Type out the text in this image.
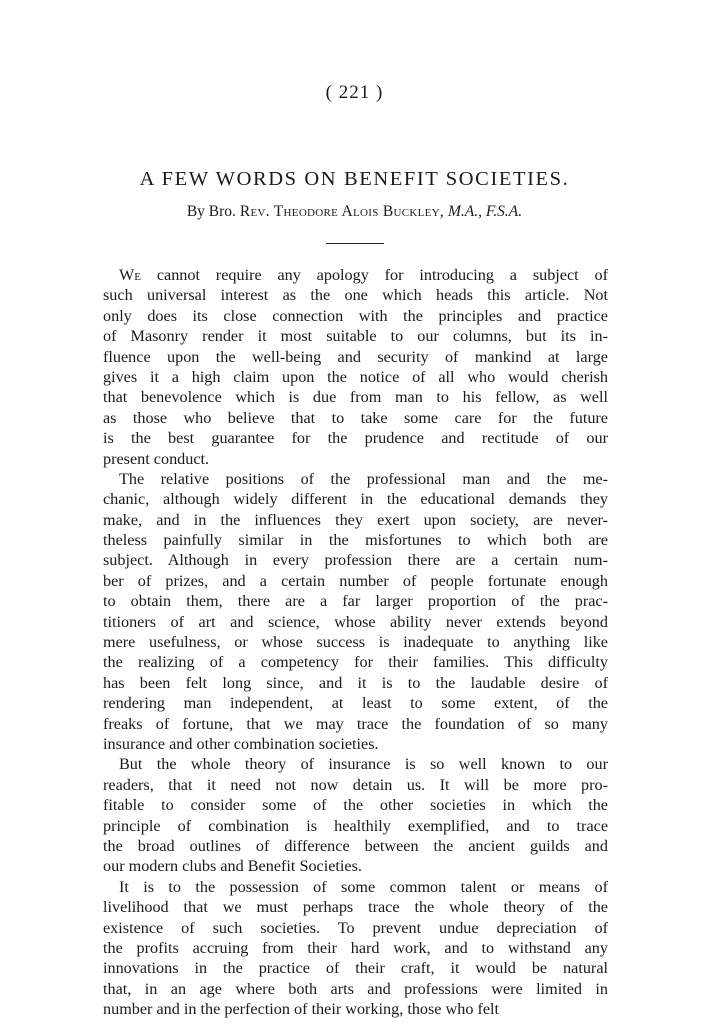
( 221 )
A FEW WORDS ON BENEFIT SOCIETIES.
By Bro. Rev. Theodore Alois Buckley, M.A., F.S.A.
We cannot require any apology for introducing a subject of
such universal interest as the one which heads this article. Not
only does its close connection with the principles and practice
of Masonry render it most suitable to our columns, but its in-
fluence upon the well-being and security of mankind at large
gives it a high claim upon the notice of all who would cherish
that benevolence which is due from man to his fellow, as well
as those who believe that to take some care for the future
is the best guarantee for the prudence and rectitude of our
present conduct.
The relative positions of the professional man and the me-
chanic, although widely different in the educational demands they
make, and in the influences they exert upon society, are never-
theless painfully similar in the misfortunes to which both are
subject. Although in every profession there are a certain num-
ber of prizes, and a certain number of people fortunate enough
to obtain them, there are a far larger proportion of the prac-
titioners of art and science, whose ability never extends beyond
mere usefulness, or whose success is inadequate to anything like
the realizing of a competency for their families. This difficulty
has been felt long since, and it is to the laudable desire of
rendering man independent, at least to some extent, of the
freaks of fortune, that we may trace the foundation of so many
insurance and other combination societies.
But the whole theory of insurance is so well known to our
readers, that it need not now detain us. It will be more pro-
fitable to consider some of the other societies in which the
principle of combination is healthily exemplified, and to trace
the broad outlines of difference between the ancient guilds and
our modern clubs and Benefit Societies.
It is to the possession of some common talent or means of
livelihood that we must perhaps trace the whole theory of the
existence of such societies. To prevent undue depreciation of
the profits accruing from their hard work, and to withstand any
innovations in the practice of their craft, it would be natural
that, in an age where both arts and professions were limited in
number and in the perfection of their working, those who felt
